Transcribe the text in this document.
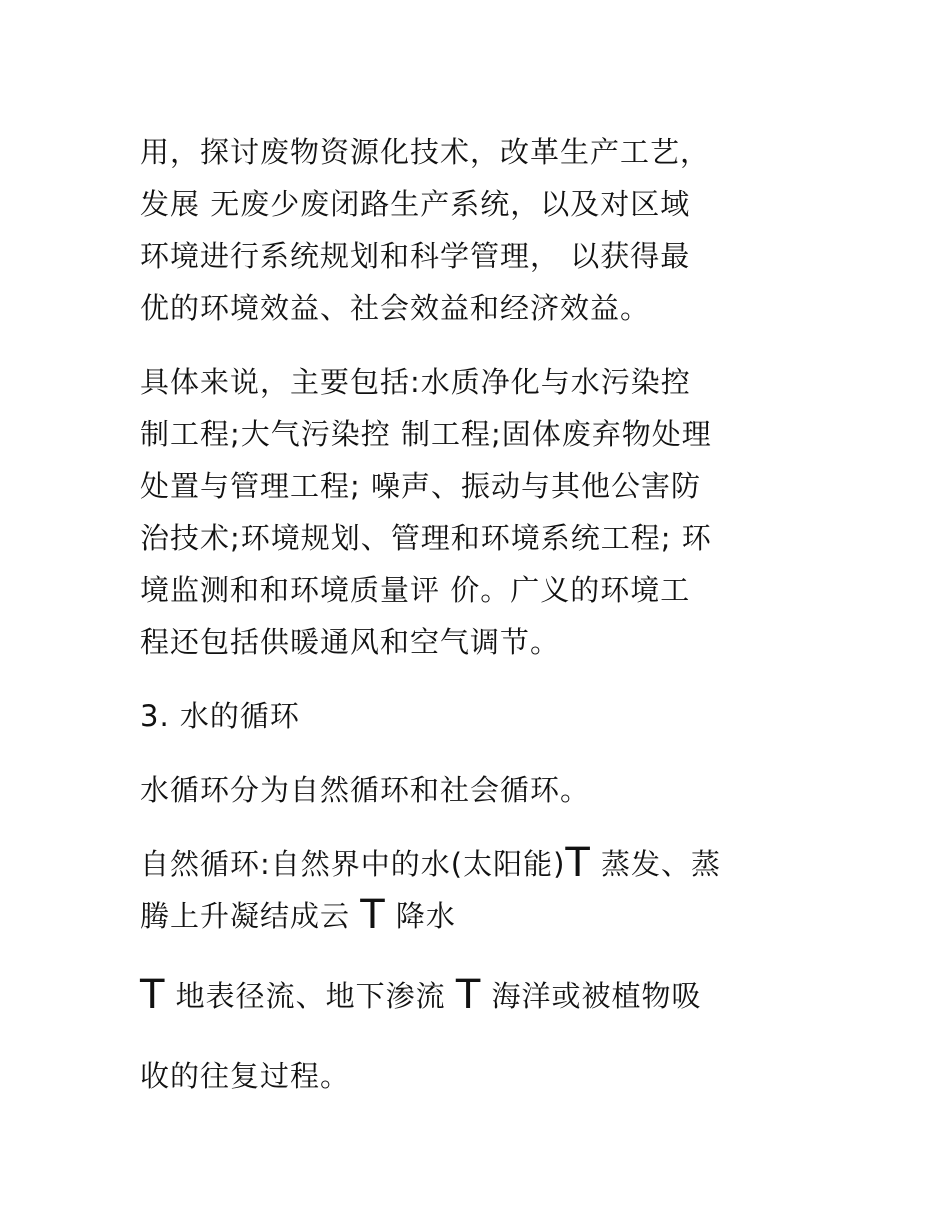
用，探讨废物资源化技术，改革生产工艺，
发展 无废少废闭路生产系统，以及对区域
环境进行系统规划和科学管理， 以获得最
优的环境效益、社会效益和经济效益。
具体来说，主要包括:水质净化与水污染控
制工程;大气污染控 制工程;固体废弃物处理
处置与管理工程; 噪声、振动与其他公害防
治技术;环境规划、管理和环境系统工程; 环
境监测和和环境质量评 价。广义的环境工
程还包括供暖通风和空气调节。
3. 水的循环
水循环分为自然循环和社会循环。
自然循环:自然界中的水(太阳能)T 蒸发、蒸
腾上升凝结成云 T 降水
T 地表径流、地下渗流 T 海洋或被植物吸
收的往复过程。
